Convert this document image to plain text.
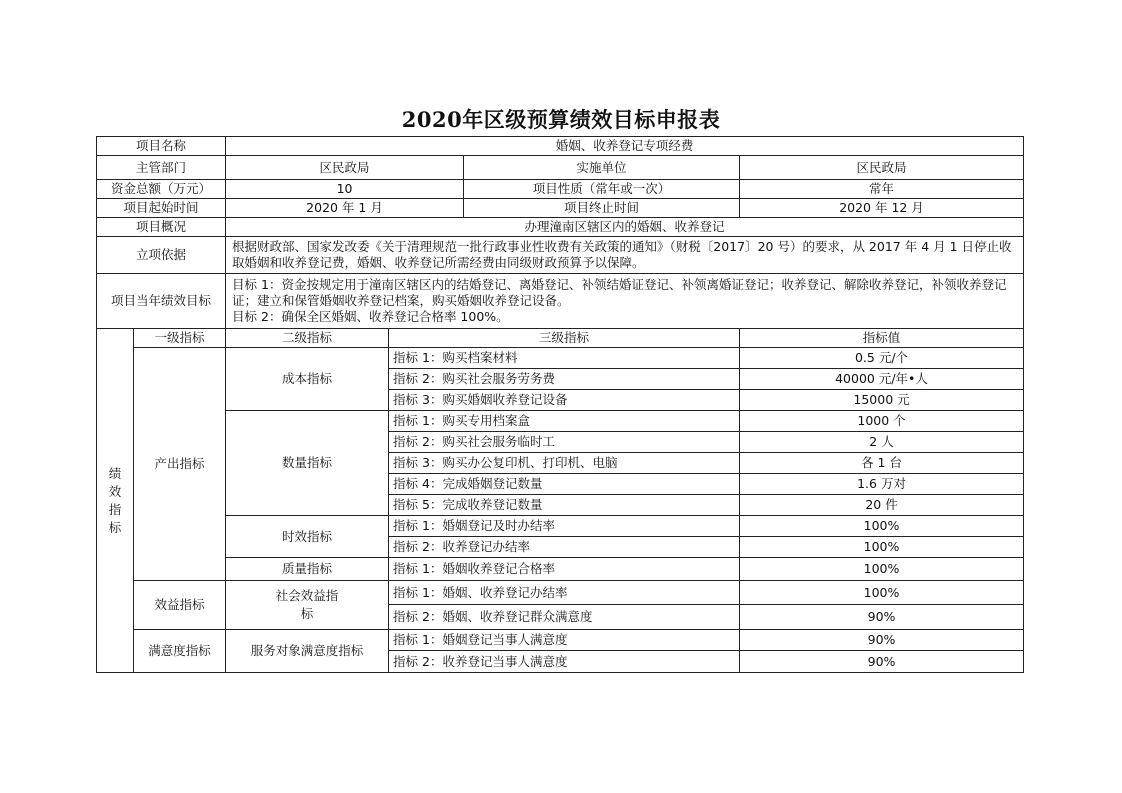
2020年区级预算绩效目标申报表
项目名称		婚姻、收养登记专项经费			
主管部门		区民政局		实施单位	区民政局
资金总额（万元）		10		项目性质（常年或一次）	常年
项目起始时间		2020 年 1 月		项目终止时间	2020 年 12 月
项目概况		办理潼南区辖区内的婚姻、收养登记			
立项依据		根据财政部、国家发改委《关于清理规范一批行政事业性收费有关政策的通知》（财税〔2017〕20 号）的要求，从 2017 年 4 月 1 日停止收取婚姻和收养登记费，婚姻、收养登记所需经费由同级财政预算予以保障。			
项目当年绩效目标		目标 1：资金按规定用于潼南区辖区内的结婚登记、离婚登记、补领结婚证登记、补领离婚证登记；收养登记、解除收养登记，补领收养登记证；建立和保管婚姻收养登记档案，购买婚姻收养登记设备。
目标 2：确保全区婚姻、收养登记合格率 100%。			

绩效指标	一级指标	二级指标	三级指标		指标值
	产出指标	成本指标	指标 1：购买档案材料		0.5 元/个
			指标 2：购买社会服务劳务费		40000 元/年•人
			指标 3：购买婚姻收养登记设备		15000 元
		数量指标	指标 1：购买专用档案盒		1000 个
			指标 2：购买社会服务临时工		2 人
			指标 3：购买办公复印机、打印机、电脑		各 1 台
			指标 4：完成婚姻登记数量		1.6 万对
			指标 5：完成收养登记数量		20 件
		时效指标	指标 1：婚姻登记及时办结率		100%
			指标 2：收养登记办结率		100%
		质量指标	指标 1：婚姻收养登记合格率		100%
	效益指标	社会效益指标	指标 1：婚姻、收养登记办结率		100%
			指标 2：婚姻、收养登记群众满意度		90%
	满意度指标	服务对象满意度指标	指标 1：婚姻登记当事人满意度		90%
			指标 2：收养登记当事人满意度		90%
